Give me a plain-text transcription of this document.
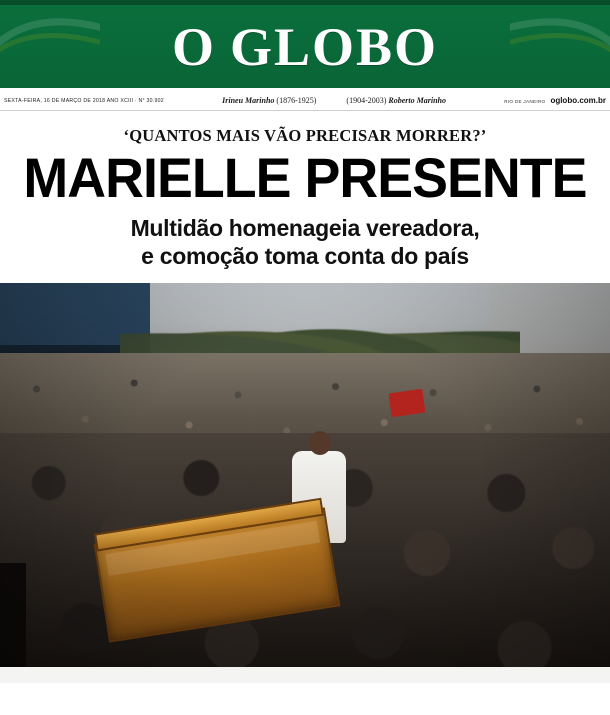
O GLOBO
SEXTA-FEIRA, 16 DE MARÇO DE 2018 ANO XCIII · N° 30.902	Irineu Marinho (1876-1925)	(1904-2003) Roberto Marinho	RIO DE JANEIRO oglobo.com.br
‘QUANTOS MAIS VÃO PRECISAR MORRER?’
MARIELLE PRESENTE
Multidão homenageia vereadora,
e comoção toma conta do país
